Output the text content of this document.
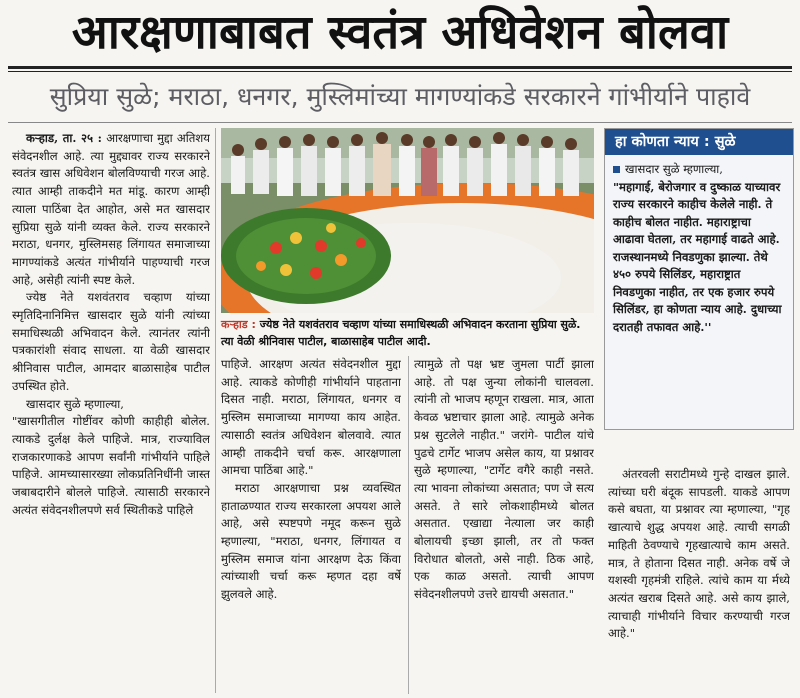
आरक्षणाबाबत स्वतंत्र अधिवेशन बोलवा
सुप्रिया सुळे; मराठा, धनगर, मुस्लिमांच्या मागण्यांकडे सरकारने गांभीर्याने पाहावे

कऱ्हाड, ता. २५ : आरक्षणाचा मुद्दा अतिशय संवेदनशील आहे. त्या मुद्द्यावर राज्य सरकारने स्वतंत्र खास अधिवेशन बोलविण्याची गरज आहे. त्यात आम्ही ताकदीने मत मांडू. कारण आम्ही त्याला पाठिंबा देत आहोत, असे मत खासदार सुप्रिया सुळे यांनी व्यक्त केले. राज्य सरकारने मराठा, धनगर, मुस्लिमसह लिंगायत समाजाच्या मागण्यांकडे अत्यंत गांभीर्याने पाहण्याची गरज आहे, असेही त्यांनी स्पष्ट केले.

ज्येष्ठ नेते यशवंतराव चव्हाण यांच्या स्मृतिदिनानिमित्त खासदार सुळे यांनी त्यांच्या समाधिस्थळी अभिवादन केले. त्यानंतर त्यांनी पत्रकारांशी संवाद साधला. या वेळी खासदार श्रीनिवास पाटील, आमदार बाळासाहेब पाटील उपस्थित होते.

खासदार सुळे म्हणाल्या,

"खासगीतील गोष्टींवर कोणी काहीही बोलेल. त्याकडे दुर्लक्ष केले पाहिजे. मात्र, राज्याविल राजकारणाकडे आपण सर्वांनी गांभीर्याने पाहिले पाहिजे. आमच्यासारख्या लोकप्रतिनिधींनी जास्त जबाबदारीने बोलले पाहिजे. त्यासाठी सरकारने अत्यंत संवेदनशीलपणे सर्व स्थितीकडे पाहिले

कऱ्हाड : ज्येष्ठ नेते यशवंतराव चव्हाण यांच्या समाधिस्थळी अभिवादन करताना सुप्रिया सुळे. त्या वेळी श्रीनिवास पाटील, बाळासाहेब पाटील आदी.

पाहिजे. आरक्षण अत्यंत संवेदनशील मुद्दा आहे. त्याकडे कोणीही गांभीर्याने पाहताना दिसत नाही. मराठा, लिंगायत, धनगर व मुस्लिम समाजाच्या मागण्या काय आहेत. त्यासाठी स्वतंत्र अधिवेशन बोलवावे. त्यात आम्ही ताकदीने चर्चा करू. आरक्षणाला आमचा पाठिंबा आहे."

मराठा आरक्षणाचा प्रश्न व्यवस्थित हाताळण्यात राज्य सरकारला अपयश आले आहे, असे स्पष्टपणे नमूद करून सुळे म्हणाल्या, "मराठा, धनगर, लिंगायत व मुस्लिम समाज यांना आरक्षण देऊ किंवा त्यांच्याशी चर्चा करू म्हणत दहा वर्षे झुलवले आहे.

त्यामुळे तो पक्ष भ्रष्ट जुमला पार्टी झाला आहे. तो पक्ष जुन्या लोकांनी चालवला. त्यांनी तो भाजप म्हणून राखला. मात्र, आता केवळ भ्रष्टाचार झाला आहे. त्यामुळे अनेक प्रश्न सुटलेले नाहीत." जरांगे- पाटील यांचे पुढचे टार्गेट भाजप असेल काय, या प्रश्नावर सुळे म्हणाल्या, "टार्गेट वगैरे काही नसते. त्या भावना लोकांच्या असतात; पण जे सत्य असते. ते सारे लोकशाहीमध्ये बोलत असतात. एखाद्या नेत्याला जर काही बोलायची इच्छा झाली, तर तो फक्त विरोधात बोलतो, असे नाही. ठिक आहे, एक काळ असतो. त्याची आपण संवेदनशीलपणे उत्तरे द्यायची असतात."

हा कोणता न्याय : सुळे

खासदार सुळे म्हणाल्या,
"महागाई, बेरोजगार व दुष्काळ याच्यावर राज्य सरकारने काहीच केलेले नाही. ते काहीच बोलत नाहीत. महाराष्ट्राचा आढावा घेतला, तर महागाई वाढते आहे. राजस्थानमध्ये निवडणुका झाल्या. तेथे ४५० रुपये सिलिंडर, महाराष्ट्रात निवडणुका नाहीत, तर एक हजार रुपये सिलिंडर, हा कोणता न्याय आहे. दुधाच्या दरातही तफावत आहे.''

अंतरवली सराटीमध्ये गुन्हे दाखल झाले. त्यांच्या घरी बंदूक सापडली. याकडे आपण कसे बघता, या प्रश्नावर त्या म्हणाल्या, "गृह खात्याचे शुद्ध अपयश आहे. त्याची सगळी माहिती ठेवण्याचे गृहखात्याचे काम असते. मात्र, ते होताना दिसत नाही. अनेक वर्षे जे यशस्वी गृहमंत्री राहिले. त्यांचे काम या र्मध्ये अत्यंत खराब दिसते आहे. असे काय झाले, त्याचाही गांभीर्याने विचार करण्याची गरज आहे."
